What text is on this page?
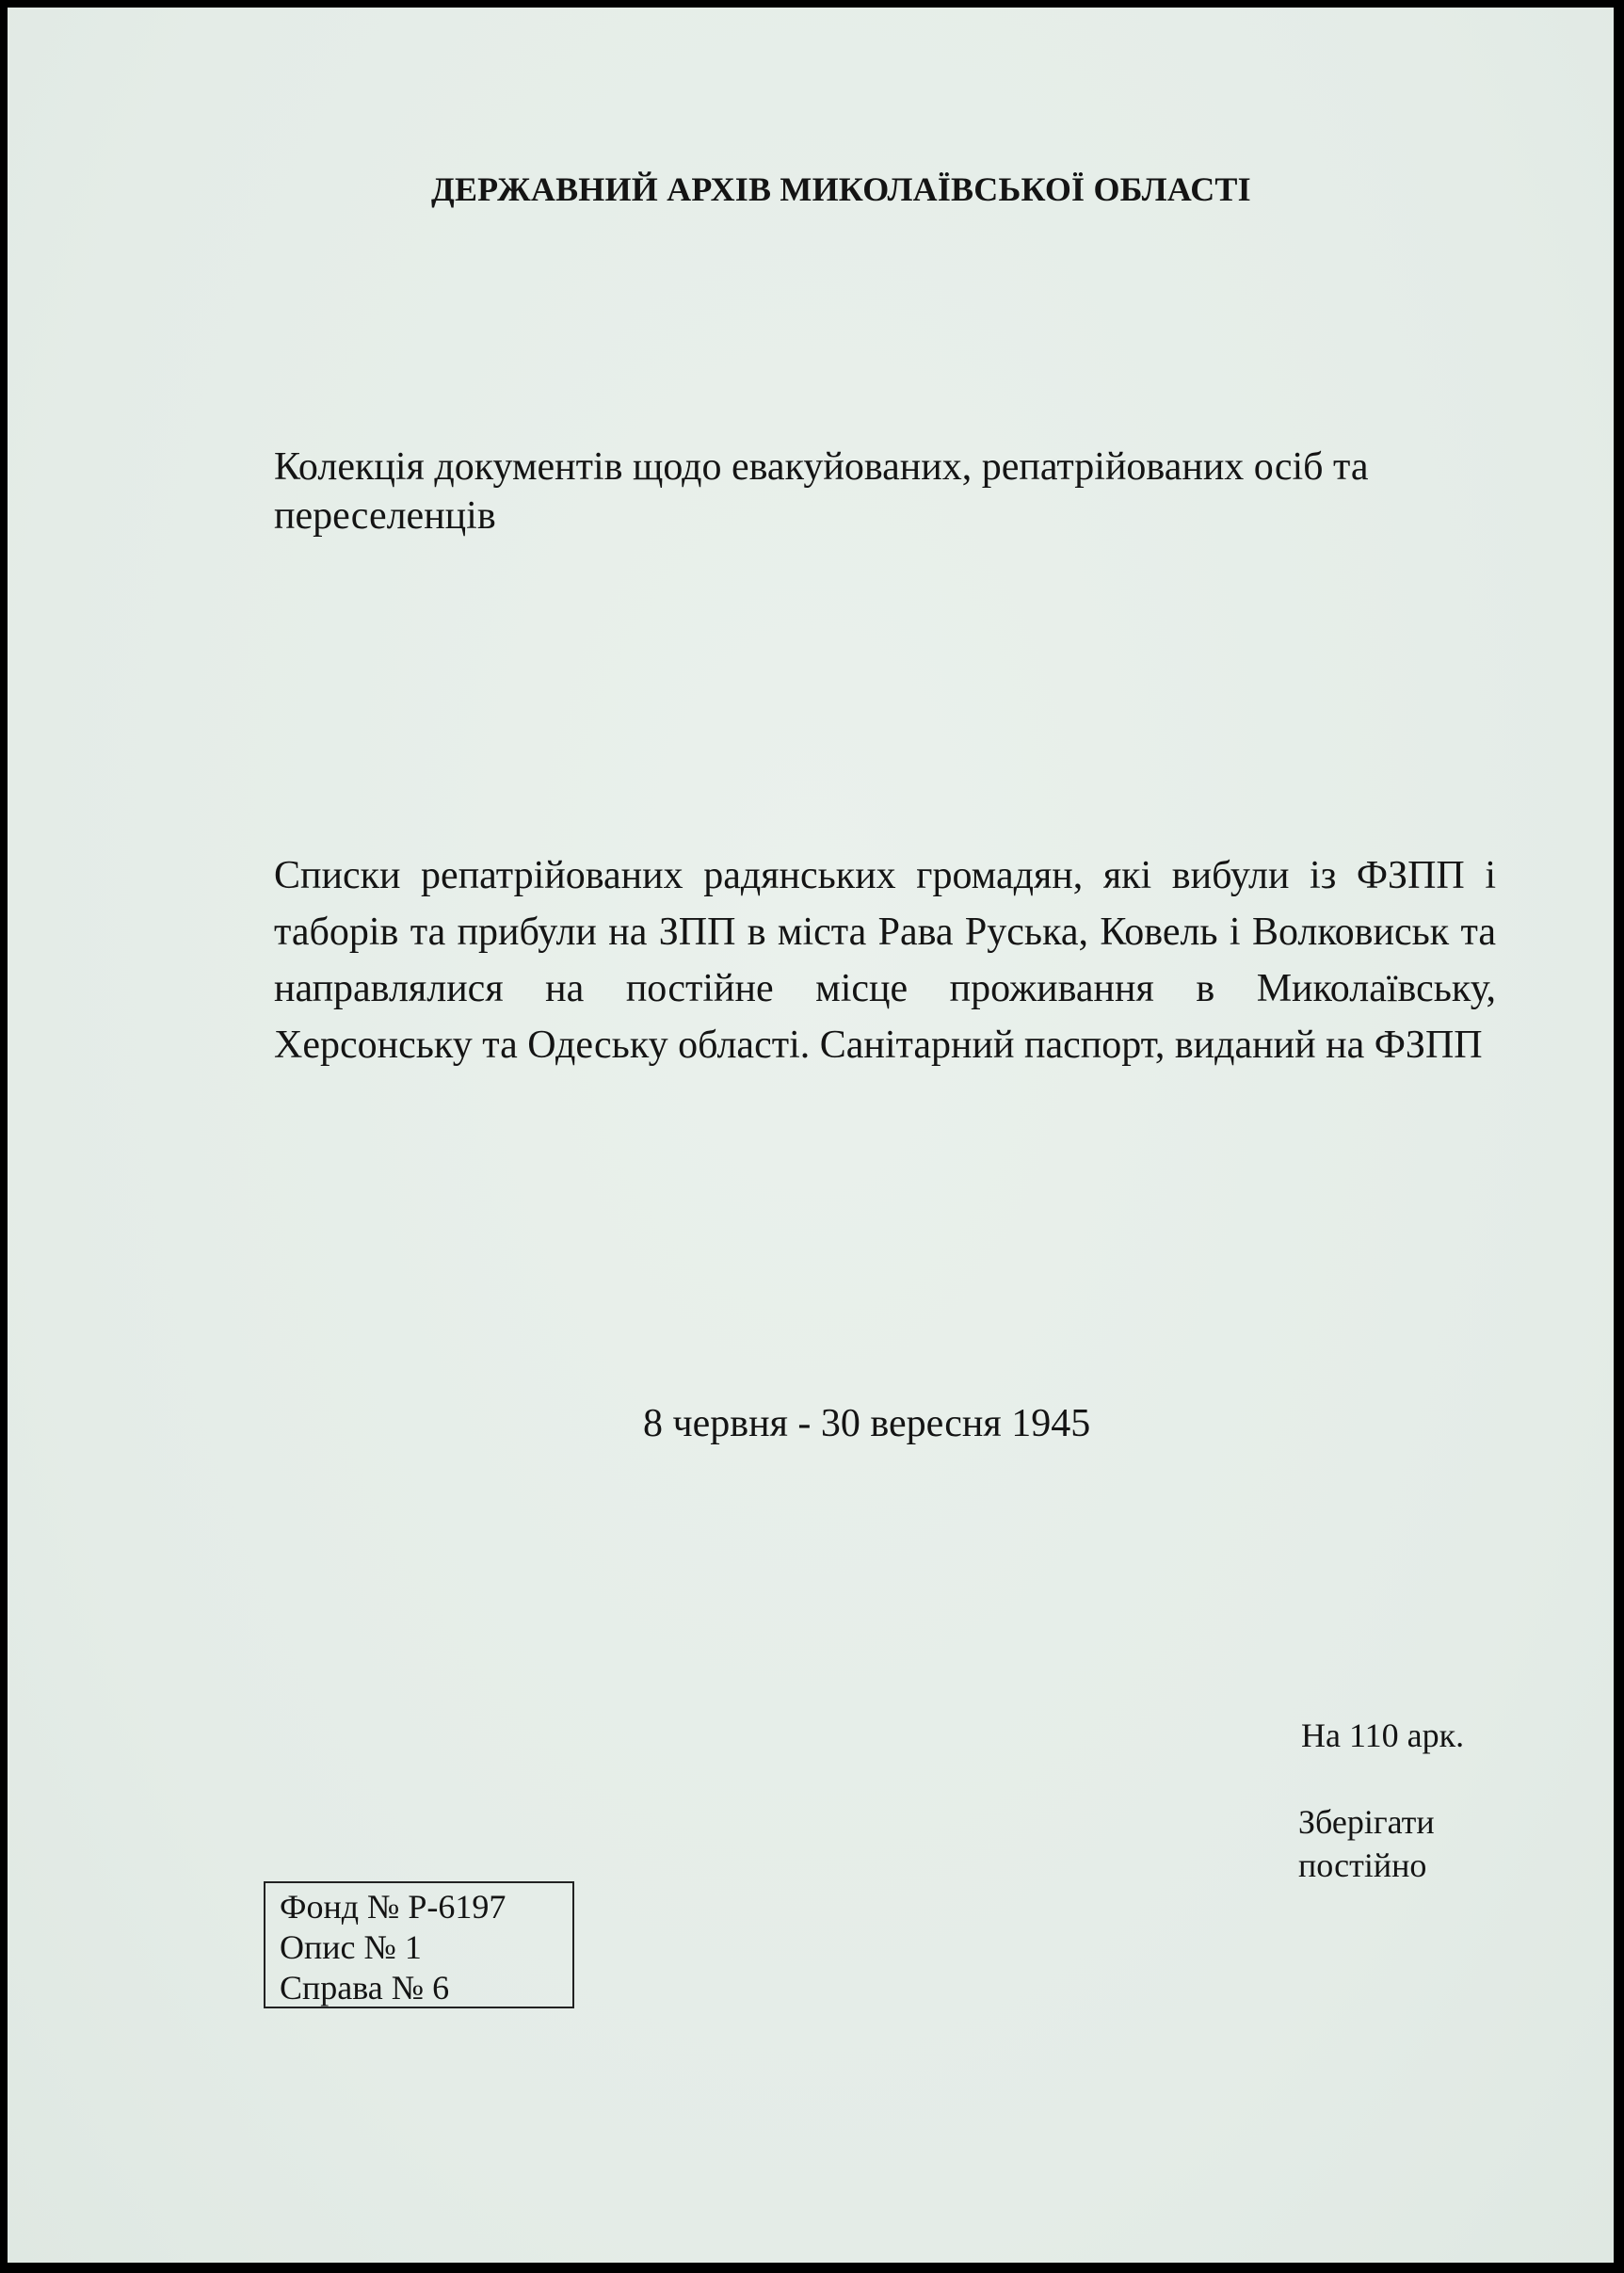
ДЕРЖАВНИЙ АРХІВ МИКОЛАЇВСЬКОЇ ОБЛАСТІ

Колекція документів щодо евакуйованих, репатрійованих осіб та переселенців

Списки репатрійованих радянських громадян, які вибули із ФЗПП і таборів та прибули на ЗПП в міста Рава Руська, Ковель і Волковиськ та направлялися на постійне місце проживання в Миколаївську, Херсонську та Одеську області. Санітарний паспорт, виданий на ФЗПП

8 червня - 30 вересня 1945

На 110 арк.

Зберігати
постійно

Фонд № Р-6197
Опис № 1
Справа № 6
